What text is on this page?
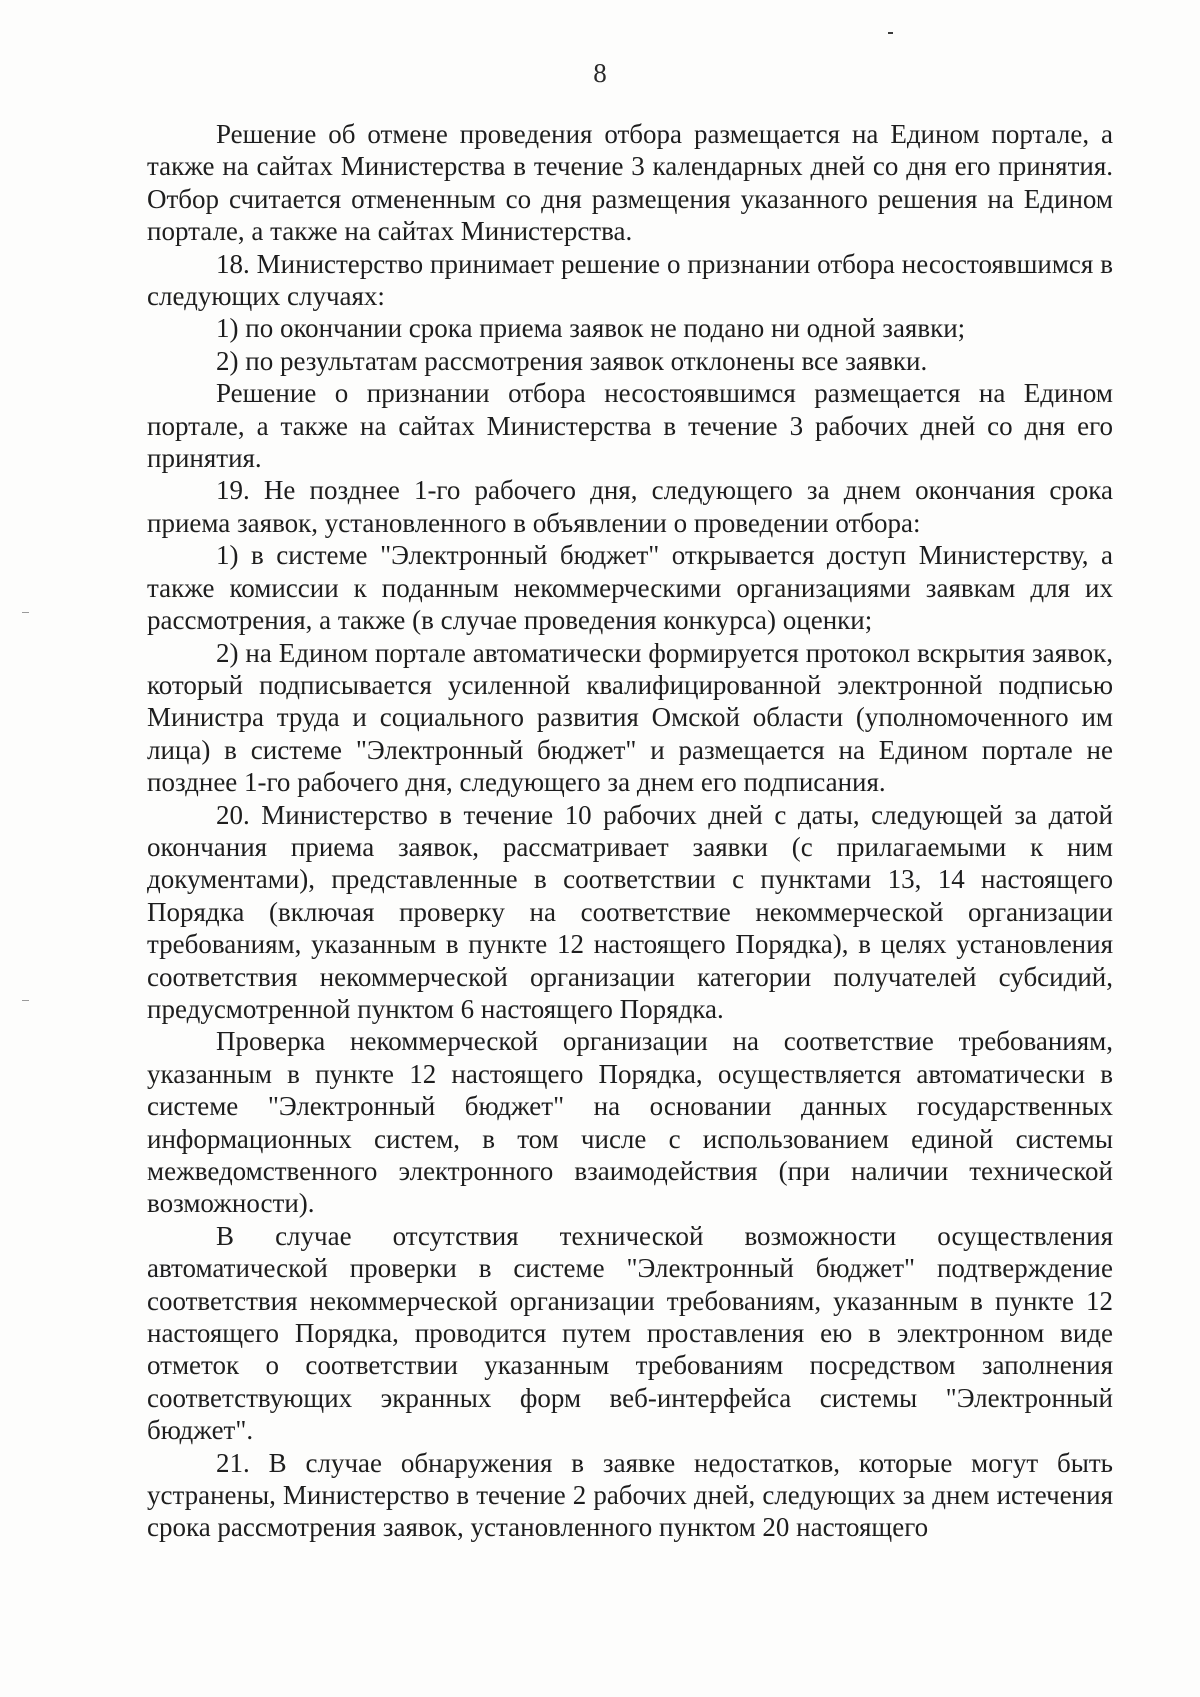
8

Решение об отмене проведения отбора размещается на Едином портале, а также на сайтах Министерства в течение 3 календарных дней со дня его принятия. Отбор считается отмененным со дня размещения указанного решения на Едином портале, а также на сайтах Министерства.

18. Министерство принимает решение о признании отбора несостоявшимся в следующих случаях:

1) по окончании срока приема заявок не подано ни одной заявки;

2) по результатам рассмотрения заявок отклонены все заявки.

Решение о признании отбора несостоявшимся размещается на Едином портале, а также на сайтах Министерства в течение 3 рабочих дней со дня его принятия.

19. Не позднее 1-го рабочего дня, следующего за днем окончания срока приема заявок, установленного в объявлении о проведении отбора:

1) в системе "Электронный бюджет" открывается доступ Министерству, а также комиссии к поданным некоммерческими организациями заявкам для их рассмотрения, а также (в случае проведения конкурса) оценки;

2) на Едином портале автоматически формируется протокол вскрытия заявок, который подписывается усиленной квалифицированной электронной подписью Министра труда и социального развития Омской области (уполномоченного им лица) в системе "Электронный бюджет" и размещается на Едином портале не позднее 1-го рабочего дня, следующего за днем его подписания.

20. Министерство в течение 10 рабочих дней с даты, следующей за датой окончания приема заявок, рассматривает заявки (с прилагаемыми к ним документами), представленные в соответствии с пунктами 13, 14 настоящего Порядка (включая проверку на соответствие некоммерческой организации требованиям, указанным в пункте 12 настоящего Порядка), в целях установления соответствия некоммерческой организации категории получателей субсидий, предусмотренной пунктом 6 настоящего Порядка.

Проверка некоммерческой организации на соответствие требованиям, указанным в пункте 12 настоящего Порядка, осуществляется автоматически в системе "Электронный бюджет" на основании данных государственных информационных систем, в том числе с использованием единой системы межведомственного электронного взаимодействия (при наличии технической возможности).

В случае отсутствия технической возможности осуществления автоматической проверки в системе "Электронный бюджет" подтверждение соответствия некоммерческой организации требованиям, указанным в пункте 12 настоящего Порядка, проводится путем проставления ею в электронном виде отметок о соответствии указанным требованиям посредством заполнения соответствующих экранных форм веб-интерфейса системы "Электронный бюджет".

21. В случае обнаружения в заявке недостатков, которые могут быть устранены, Министерство в течение 2 рабочих дней, следующих за днем истечения срока рассмотрения заявок, установленного пунктом 20 настоящего
